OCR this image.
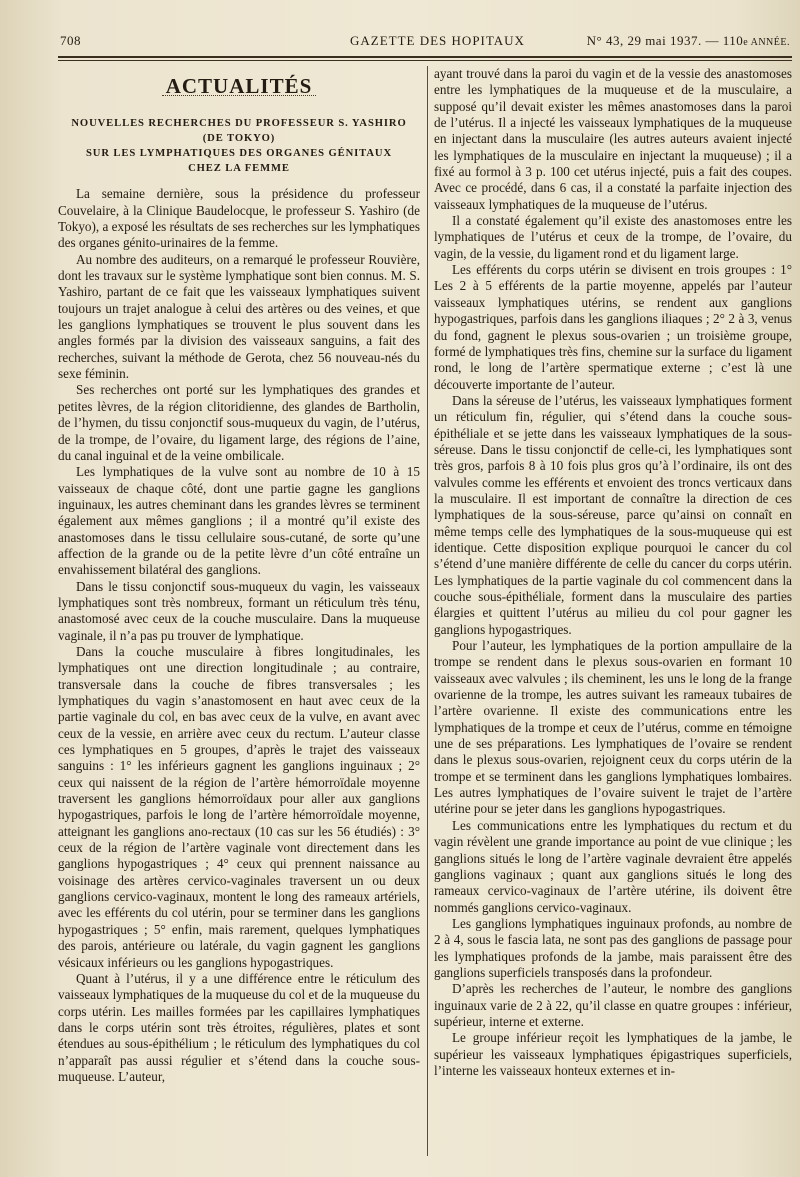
708	GAZETTE DES HOPITAUX	N° 43, 29 mai 1937. — 110e ANNÉE.
ACTUALITÉS
NOUVELLES RECHERCHES DU PROFESSEUR S. YASHIRO
(DE TOKYO)
SUR LES LYMPHATIQUES DES ORGANES GÉNITAUX
CHEZ LA FEMME

La semaine dernière, sous la présidence du professeur Couvelaire, à la Clinique Baudelocque, le professeur S. Yashiro (de Tokyo), a exposé les résultats de ses recherches sur les lymphatiques des organes génito-urinaires de la femme.

Au nombre des auditeurs, on a remarqué le professeur Rouvière, dont les travaux sur le système lymphatique sont bien connus. M. S. Yashiro, partant de ce fait que les vaisseaux lymphatiques suivent toujours un trajet analogue à celui des artères ou des veines, et que les ganglions lymphatiques se trouvent le plus souvent dans les angles formés par la division des vaisseaux sanguins, a fait des recherches, suivant la méthode de Gerota, chez 56 nouveau-nés du sexe féminin.

Ses recherches ont porté sur les lymphatiques des grandes et petites lèvres, de la région clitoridienne, des glandes de Bartholin, de l’hymen, du tissu conjonctif sous-muqueux du vagin, de l’utérus, de la trompe, de l’ovaire, du ligament large, des régions de l’aine, du canal inguinal et de la veine ombilicale.

Les lymphatiques de la vulve sont au nombre de 10 à 15 vaisseaux de chaque côté, dont une partie gagne les ganglions inguinaux, les autres cheminant dans les grandes lèvres se terminent également aux mêmes ganglions ; il a montré qu’il existe des anastomoses dans le tissu cellulaire sous-cutané, de sorte qu’une affection de la grande ou de la petite lèvre d’un côté entraîne un envahissement bilatéral des ganglions.

Dans le tissu conjonctif sous-muqueux du vagin, les vaisseaux lymphatiques sont très nombreux, formant un réticulum très ténu, anastomosé avec ceux de la couche musculaire. Dans la muqueuse vaginale, il n’a pas pu trouver de lymphatique.

Dans la couche musculaire à fibres longitudinales, les lymphatiques ont une direction longitudinale ; au contraire, transversale dans la couche de fibres transversales ; les lymphatiques du vagin s’anastomosent en haut avec ceux de la partie vaginale du col, en bas avec ceux de la vulve, en avant avec ceux de la vessie, en arrière avec ceux du rectum. L’auteur classe ces lymphatiques en 5 groupes, d’après le trajet des vaisseaux sanguins : 1° les inférieurs gagnent les ganglions inguinaux ; 2° ceux qui naissent de la région de l’artère hémorroïdale moyenne traversent les ganglions hémorroïdaux pour aller aux ganglions hypogastriques, parfois le long de l’artère hémorroïdale moyenne, atteignant les ganglions ano-rectaux (10 cas sur les 56 étudiés) : 3° ceux de la région de l’artère vaginale vont directement dans les ganglions hypogastriques ; 4° ceux qui prennent naissance au voisinage des artères cervico-vaginales traversent un ou deux ganglions cervico-vaginaux, montent le long des rameaux artériels, avec les efférents du col utérin, pour se terminer dans les ganglions hypogastriques ; 5° enfin, mais rarement, quelques lymphatiques des parois, antérieure ou latérale, du vagin gagnent les ganglions vésicaux inférieurs ou les ganglions hypogastriques.

Quant à l’utérus, il y a une différence entre le réticulum des vaisseaux lymphatiques de la muqueuse du col et de la muqueuse du corps utérin. Les mailles formées par les capillaires lymphatiques dans le corps utérin sont très étroites, régulières, plates et sont étendues au sous-épithélium ; le réticulum des lymphatiques du col n’apparaît pas aussi régulier et s’étend dans la couche sous-muqueuse. L’auteur,

ayant trouvé dans la paroi du vagin et de la vessie des anastomoses entre les lymphatiques de la muqueuse et de la musculaire, a supposé qu’il devait exister les mêmes anastomoses dans la paroi de l’utérus. Il a injecté les vaisseaux lymphatiques de la muqueuse en injectant dans la musculaire (les autres auteurs avaient injecté les lymphatiques de la musculaire en injectant la muqueuse) ; il a fixé au formol à 3 p. 100 cet utérus injecté, puis a fait des coupes. Avec ce procédé, dans 6 cas, il a constaté la parfaite injection des vaisseaux lymphatiques de la muqueuse de l’utérus.

Il a constaté également qu’il existe des anastomoses entre les lymphatiques de l’utérus et ceux de la trompe, de l’ovaire, du vagin, de la vessie, du ligament rond et du ligament large.

Les efférents du corps utérin se divisent en trois groupes : 1° Les 2 à 5 efférents de la partie moyenne, appelés par l’auteur vaisseaux lymphatiques utérins, se rendent aux ganglions hypogastriques, parfois dans les ganglions iliaques ; 2° 2 à 3, venus du fond, gagnent le plexus sous-ovarien ; un troisième groupe, formé de lymphatiques très fins, chemine sur la surface du ligament rond, le long de l’artère spermatique externe ; c’est là une découverte importante de l’auteur.

Dans la séreuse de l’utérus, les vaisseaux lymphatiques forment un réticulum fin, régulier, qui s’étend dans la couche sous-épithéliale et se jette dans les vaisseaux lymphatiques de la sous-séreuse. Dans le tissu conjonctif de celle-ci, les lymphatiques sont très gros, parfois 8 à 10 fois plus gros qu’à l’ordinaire, ils ont des valvules comme les efférents et envoient des troncs verticaux dans la musculaire. Il est important de connaître la direction de ces lymphatiques de la sous-séreuse, parce qu’ainsi on connaît en même temps celle des lymphatiques de la sous-muqueuse qui est identique. Cette disposition explique pourquoi le cancer du col s’étend d’une manière différente de celle du cancer du corps utérin. Les lymphatiques de la partie vaginale du col commencent dans la couche sous-épithéliale, forment dans la musculaire des parties élargies et quittent l’utérus au milieu du col pour gagner les ganglions hypogastriques.

Pour l’auteur, les lymphatiques de la portion ampullaire de la trompe se rendent dans le plexus sous-ovarien en formant 10 vaisseaux avec valvules ; ils cheminent, les uns le long de la frange ovarienne de la trompe, les autres suivant les rameaux tubaires de l’artère ovarienne. Il existe des communications entre les lymphatiques de la trompe et ceux de l’utérus, comme en témoigne une de ses préparations. Les lymphatiques de l’ovaire se rendent dans le plexus sous-ovarien, rejoignent ceux du corps utérin de la trompe et se terminent dans les ganglions lymphatiques lombaires. Les autres lymphatiques de l’ovaire suivent le trajet de l’artère utérine pour se jeter dans les ganglions hypogastriques.

Les communications entre les lymphatiques du rectum et du vagin révèlent une grande importance au point de vue clinique ; les ganglions situés le long de l’artère vaginale devraient être appelés ganglions vaginaux ; quant aux ganglions situés le long des rameaux cervico-vaginaux de l’artère utérine, ils doivent être nommés ganglions cervico-vaginaux.

Les ganglions lymphatiques inguinaux profonds, au nombre de 2 à 4, sous le fascia lata, ne sont pas des ganglions de passage pour les lymphatiques profonds de la jambe, mais paraissent être des ganglions superficiels transposés dans la profondeur.

D’après les recherches de l’auteur, le nombre des ganglions inguinaux varie de 2 à 22, qu’il classe en quatre groupes : inférieur, supérieur, interne et externe.

Le groupe inférieur reçoit les lymphatiques de la jambe, le supérieur les vaisseaux lymphatiques épigastriques superficiels, l’interne les vaisseaux honteux externes et in-
